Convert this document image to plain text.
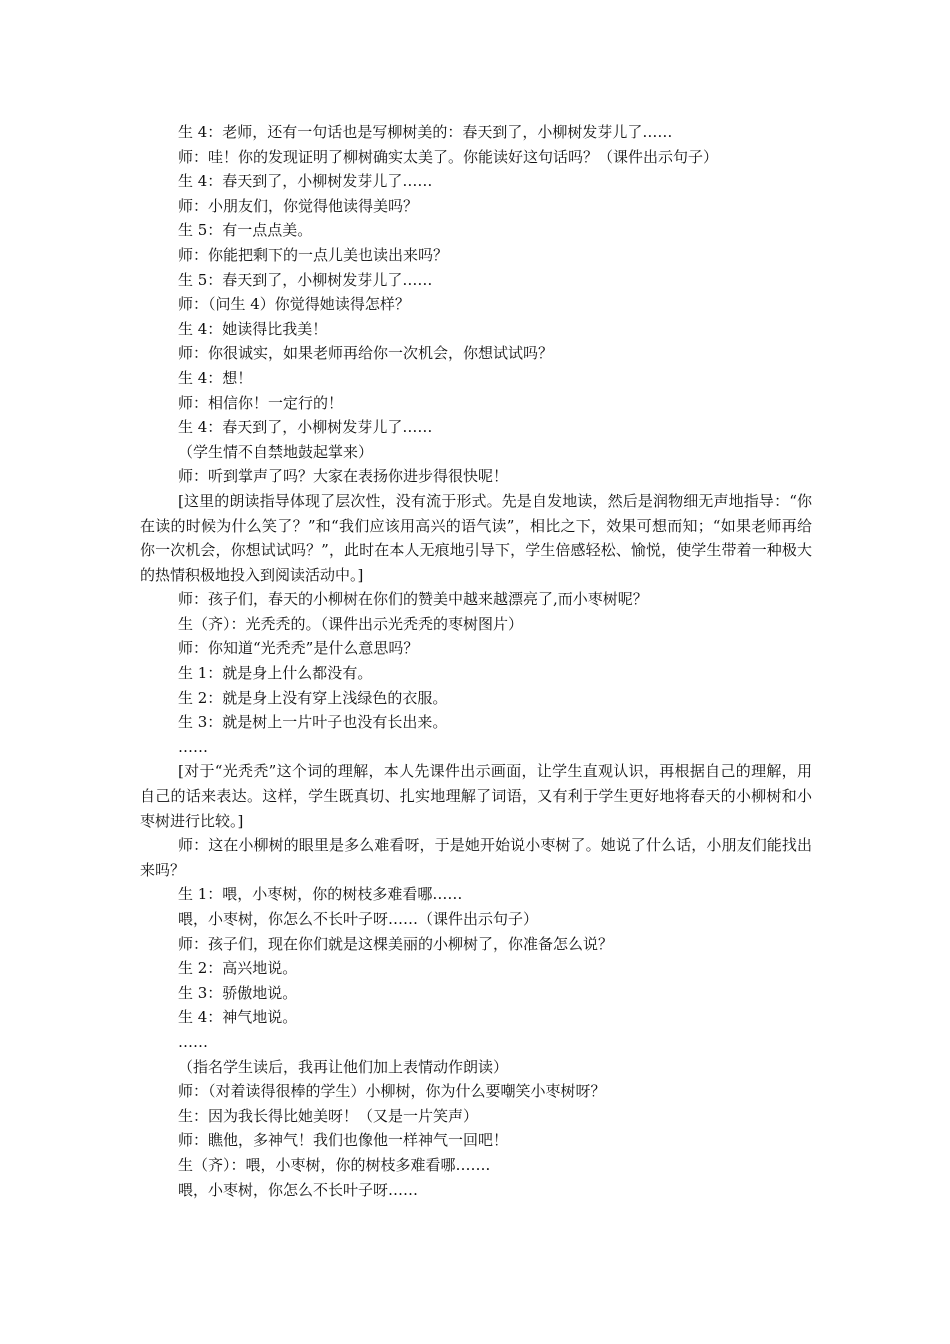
生 4：老师，还有一句话也是写柳树美的：春天到了，小柳树发芽儿了……
师：哇！你的发现证明了柳树确实太美了。你能读好这句话吗？（课件出示句子）
生 4：春天到了，小柳树发芽儿了……
师：小朋友们，你觉得他读得美吗？
生 5：有一点点美。
师：你能把剩下的一点儿美也读出来吗？
生 5：春天到了，小柳树发芽儿了……
师：（问生 4）你觉得她读得怎样？
生 4：她读得比我美！
师：你很诚实，如果老师再给你一次机会，你想试试吗？
生 4：想！
师：相信你！一定行的！
生 4：春天到了，小柳树发芽儿了……
（学生情不自禁地鼓起掌来）
师：听到掌声了吗？大家在表扬你进步得很快呢！

[这里的朗读指导体现了层次性，没有流于形式。先是自发地读，然后是润物细无声地指导：“你在读的时候为什么笑了？”和“我们应该用高兴的语气读”，相比之下，效果可想而知；“如果老师再给你一次机会，你想试试吗？”，此时在本人无痕地引导下，学生倍感轻松、愉悦，使学生带着一种极大的热情积极地投入到阅读活动中。]

师：孩子们，春天的小柳树在你们的赞美中越来越漂亮了,而小枣树呢？
生（齐）：光秃秃的。（课件出示光秃秃的枣树图片）
师：你知道“光秃秃”是什么意思吗？
生 1：就是身上什么都没有。
生 2：就是身上没有穿上浅绿色的衣服。
生 3：就是树上一片叶子也没有长出来。
……

[对于“光秃秃”这个词的理解，本人先课件出示画面，让学生直观认识，再根据自己的理解，用自己的话来表达。这样，学生既真切、扎实地理解了词语，又有利于学生更好地将春天的小柳树和小枣树进行比较。]

师：这在小柳树的眼里是多么难看呀，于是她开始说小枣树了。她说了什么话，小朋友们能找出来吗？

生 1：喂，小枣树，你的树枝多难看哪……
喂，小枣树，你怎么不长叶子呀……（课件出示句子）
师：孩子们，现在你们就是这棵美丽的小柳树了，你准备怎么说？
生 2：高兴地说。
生 3：骄傲地说。
生 4：神气地说。
……
（指名学生读后，我再让他们加上表情动作朗读）
师：（对着读得很棒的学生）小柳树，你为什么要嘲笑小枣树呀？
生：因为我长得比她美呀！（又是一片笑声）
师：瞧他，多神气！我们也像他一样神气一回吧！
生（齐）：喂，小枣树，你的树枝多难看哪…….
喂，小枣树，你怎么不长叶子呀……
